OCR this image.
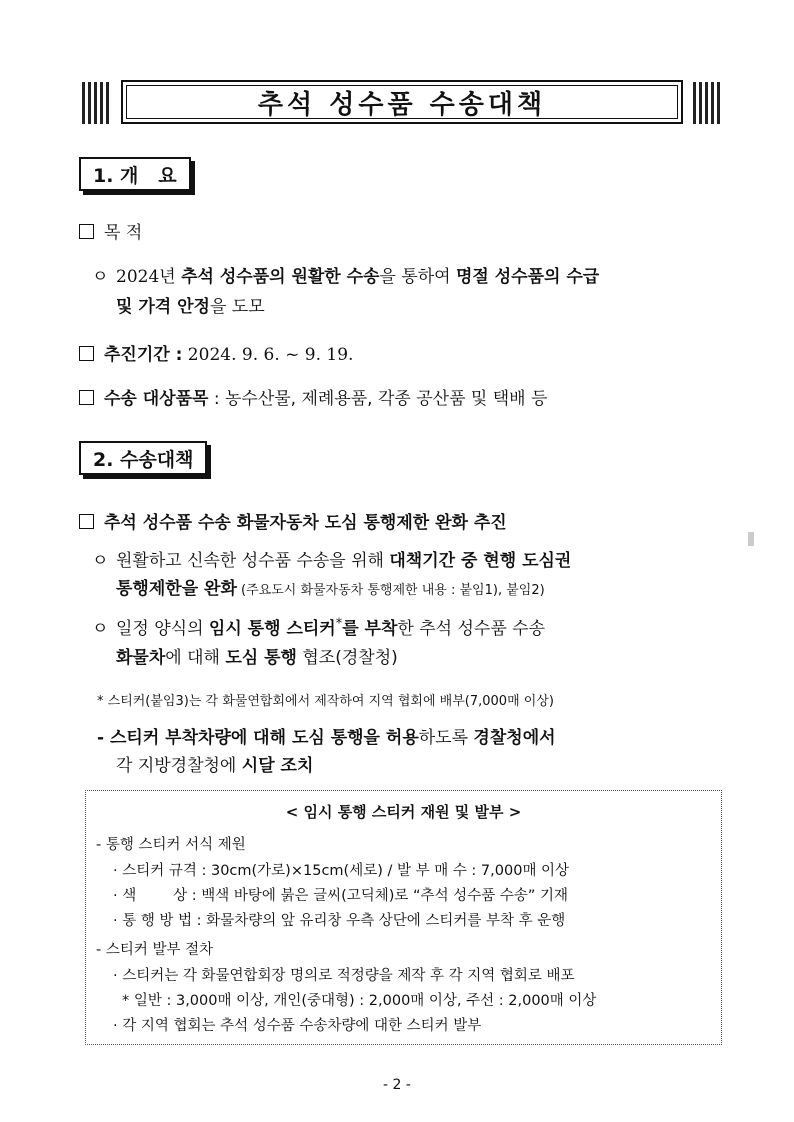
추석 성수품 수송대책
1. 개   요
목 적
ㅇ 2024년 추석 성수품의 원활한 수송을 통하여 명절 성수품의 수급
및 가격 안정을 도모
추진기간 : 2024. 9. 6. ~ 9. 19.
수송 대상품목 : 농수산물, 제례용품, 각종 공산품 및 택배 등
2. 수송대책
추석 성수품 수송 화물자동차 도심 통행제한 완화 추진
ㅇ 원활하고 신속한 성수품 수송을 위해 대책기간 중 현행 도심권
통행제한을 완화 (주요도시 화물자동차 통행제한 내용 : 붙임1), 붙임2)
ㅇ 일정 양식의 임시 통행 스티커*를 부착한 추석 성수품 수송
화물차에 대해 도심 통행 협조(경찰청)
* 스티커(붙임3)는 각 화물연합회에서 제작하여 지역 협회에 배부(7,000매 이상)
- 스티커 부착차량에 대해 도심 통행을 허용하도록 경찰청에서
각 지방경찰청에 시달 조치
< 임시 통행 스티커 재원 및 발부 >
- 통행 스티커 서식 제원
· 스티커 규격 : 30cm(가로)×15cm(세로) / 발 부 매 수 : 7,000매 이상
· 색        상 : 백색 바탕에 붉은 글씨(고딕체)로 “추석 성수품 수송” 기재
· 통 행 방 법 : 화물차량의 앞 유리창 우측 상단에 스티커를 부착 후 운행
- 스티커 발부 절차
· 스티커는 각 화물연합회장 명의로 적정량을 제작 후 각 지역 협회로 배포
* 일반 : 3,000매 이상, 개인(중대형) : 2,000매 이상, 주선 : 2,000매 이상
· 각 지역 협회는 추석 성수품 수송차량에 대한 스티커 발부
- 2 -
